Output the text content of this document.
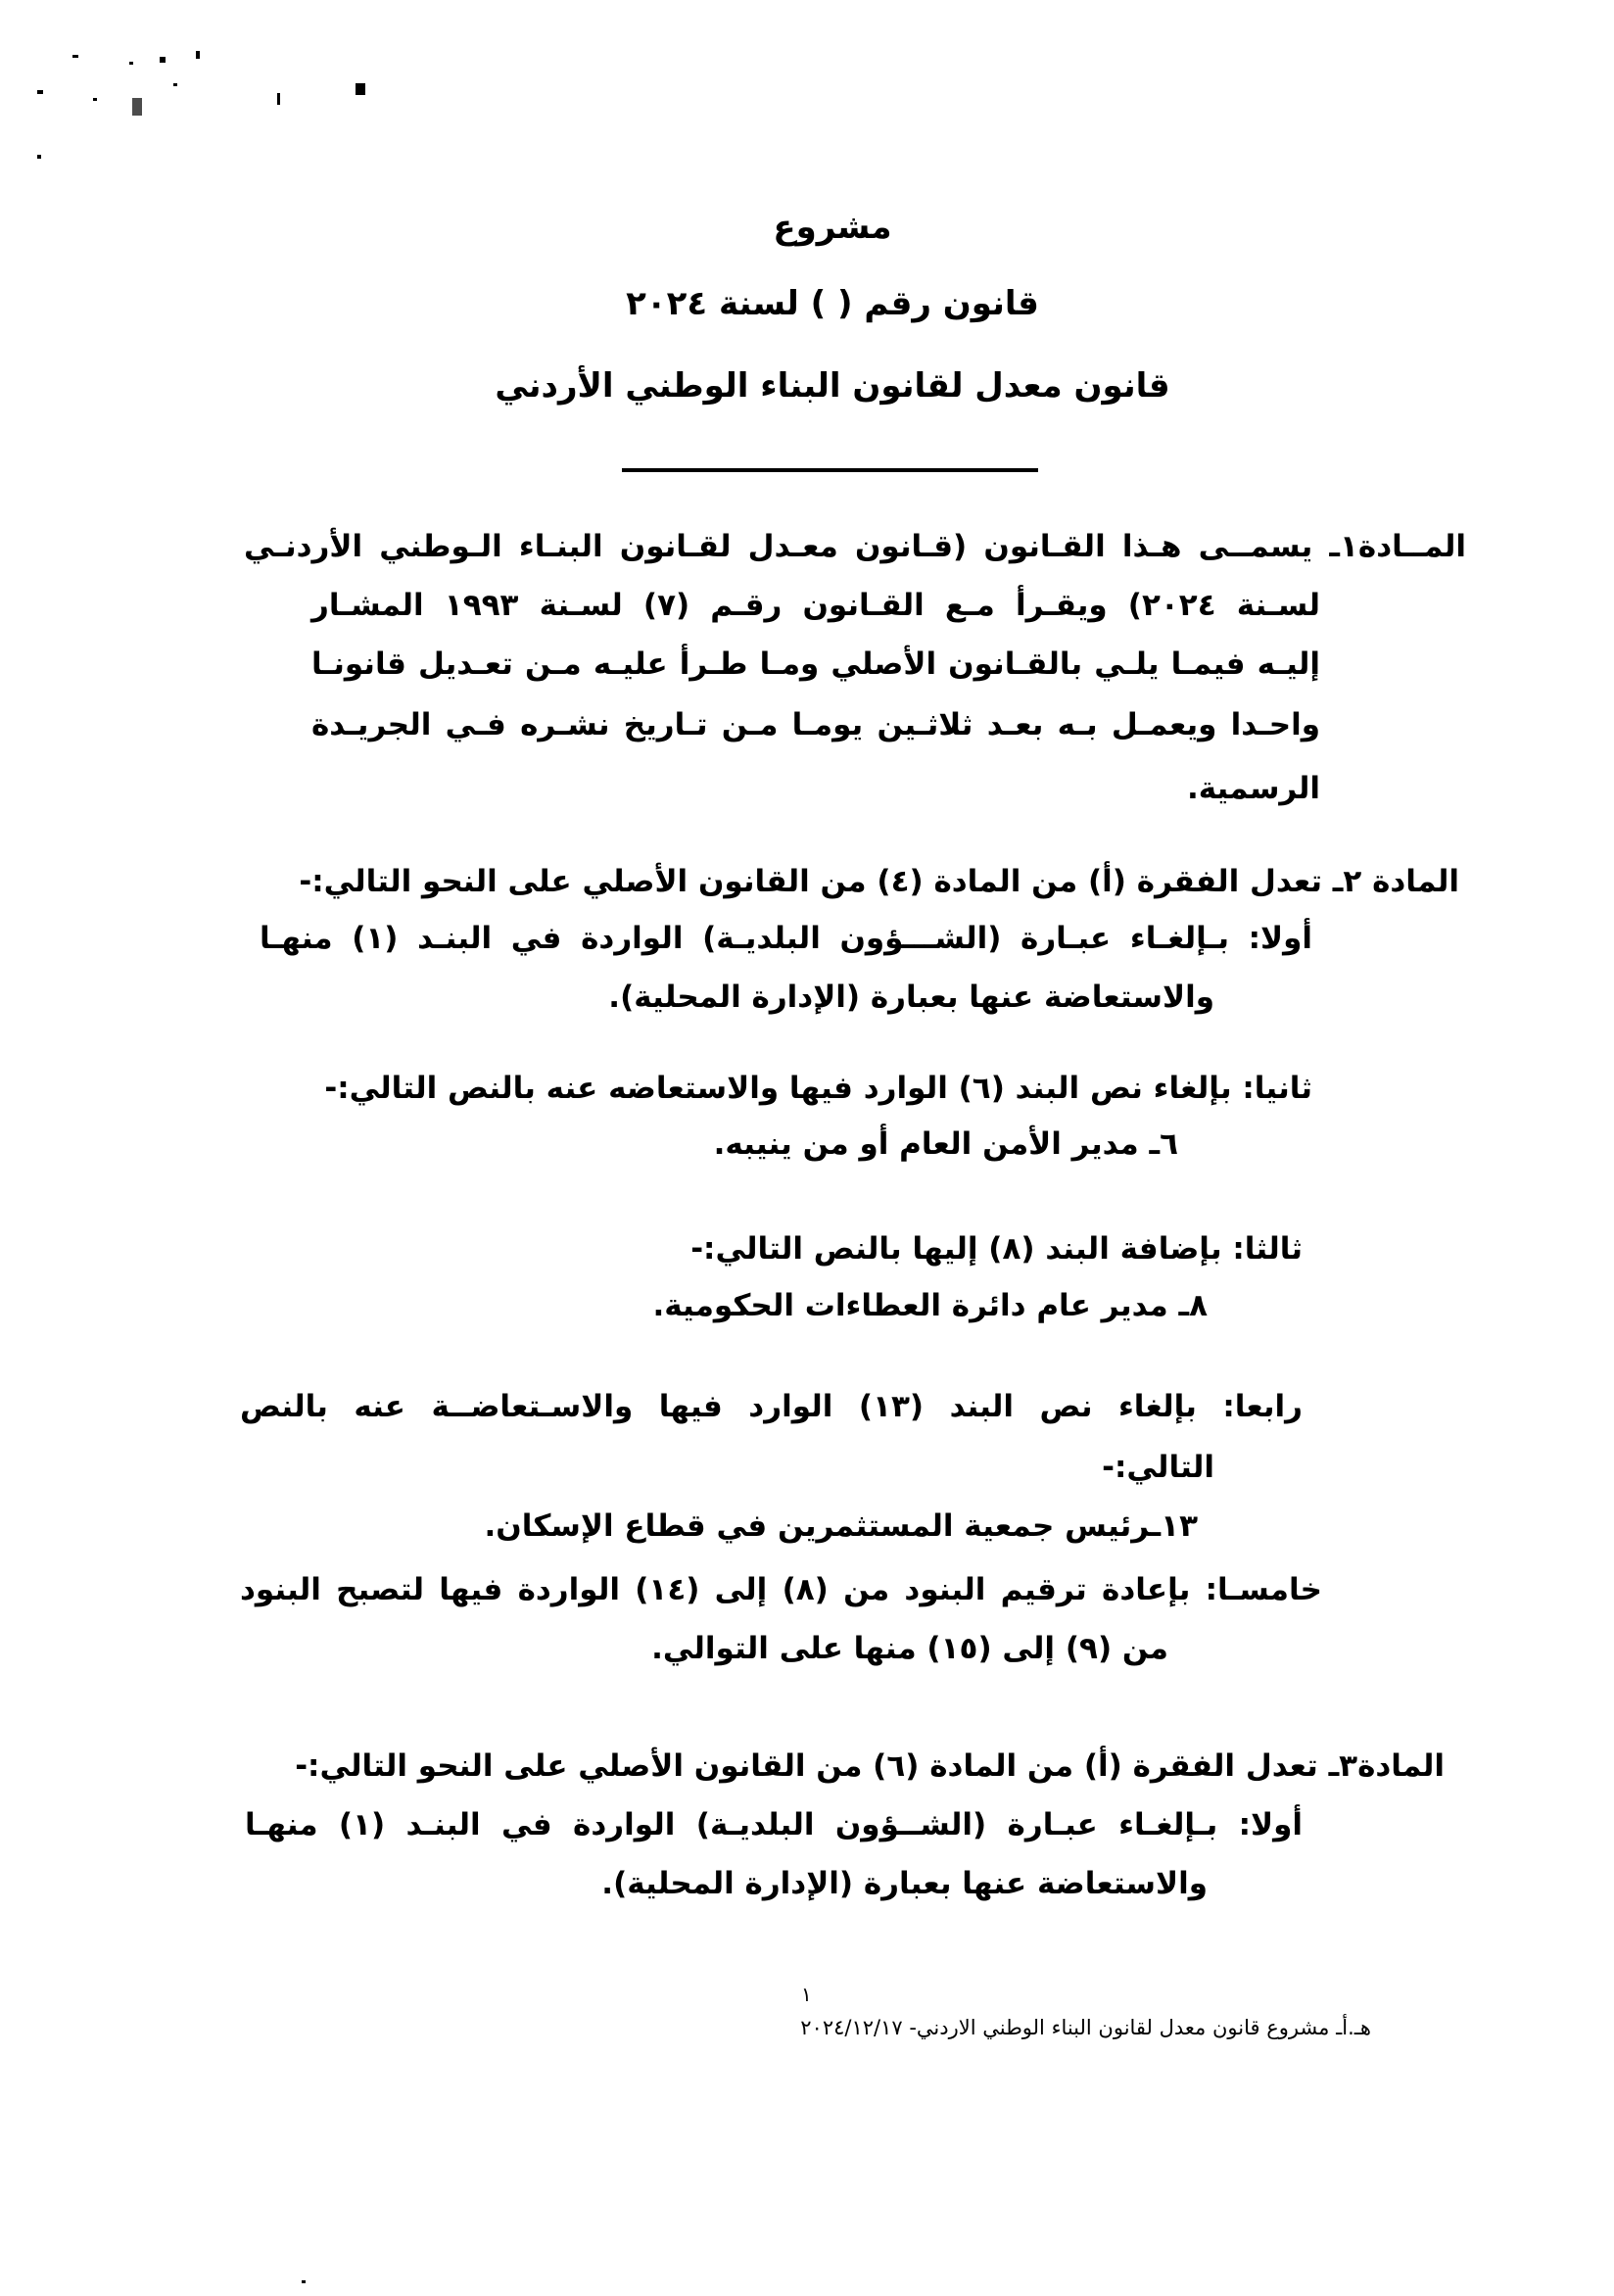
مشروع
قانون رقم ( ) لسنة ٢٠٢٤
قانون معدل لقانون البناء الوطني الأردني
المــادة١ـ يسمــى هـذا القـانون (قـانون معـدل لقـانون البنـاء الـوطني الأردنـي
لسـنة ٢٠٢٤) ويقـرأ مـع القـانون رقـم (٧) لسـنة ١٩٩٣ المشـار
إليـه فيمـا يلـي بالقـانون الأصلي ومـا طـرأ عليـه مـن تعـديل قانونـا
واحـدا ويعمـل بـه بعـد ثلاثـين يومـا مـن تـاريخ نشـره فـي الجريـدة
الرسمية.
المادة ٢ـ تعدل الفقرة (أ) من المادة (٤) من القانون الأصلي على النحو التالي:-
أولا: بـإلغـاء عبـارة (الشـــؤون البلديـة) الواردة في البنـد (١) منهـا
والاستعاضة عنها بعبارة (الإدارة المحلية).
ثانيا: بإلغاء نص البند (٦) الوارد فيها والاستعاضه عنه بالنص التالي:-
٦ـ مدير الأمن العام أو من ينيبه.
ثالثا: بإضافة البند (٨) إليها بالنص التالي:-
٨ـ مدير عام دائرة العطاءات الحكومية.
رابعا: بإلغاء نص البند (١٣) الوارد فيها والاسـتعاضــة عنه بالنص
التالي:-
١٣ـرئيس جمعية المستثمرين في قطاع الإسكان.
خامسـا: بإعادة ترقيم البنود من (٨) إلى (١٤) الواردة فيها لتصبح البنود
من (٩) إلى (١٥) منها على التوالي.
المادة٣ـ تعدل الفقرة (أ) من المادة (٦) من القانون الأصلي على النحو التالي:-
أولا: بـإلغـاء عبـارة (الشــؤون البلديـة) الواردة في البنـد (١) منهـا
والاستعاضة عنها بعبارة (الإدارة المحلية).
١
هـ.أـ مشروع قانون معدل لقانون البناء الوطني الاردني- ٢٠٢٤/١٢/١٧
